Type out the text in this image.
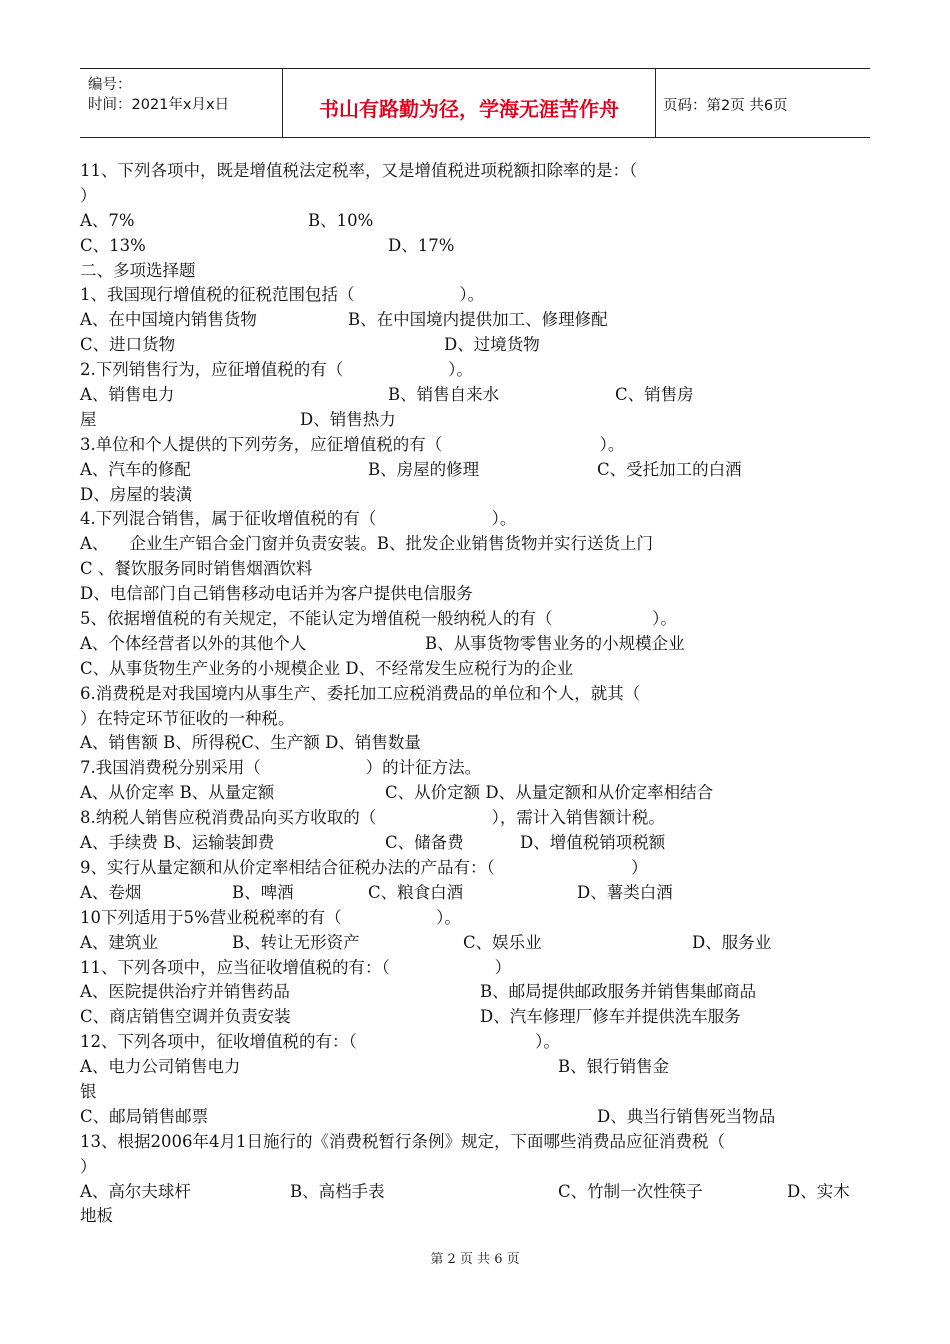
编号：
时间：2021年x月x日	书山有路勤为径，学海无涯苦作舟	页码：第2页 共6页
11、下列各项中，既是增值税法定税率，又是增值税进项税额扣除率的是：（
）
A、7%	B、10%
C、13%	D、17%
二、多项选择题
1、我国现行增值税的征税范围包括（                    ）。
A、在中国境内销售货物	B、在中国境内提供加工、修理修配
C、进口货物	D、过境货物
2.下列销售行为，应征增值税的有（                    ）。
A、销售电力	B、销售自来水	C、销售房
屋	D、销售热力
3.单位和个人提供的下列劳务，应征增值税的有（                              ）。
A、汽车的修配	B、房屋的修理	C、受托加工的白酒
D、房屋的装潢
4.下列混合销售，属于征收增值税的有（                      ）。
A、    企业生产铝合金门窗并负责安装。B、批发企业销售货物并实行送货上门
C 、餐饮服务同时销售烟酒饮料
D、电信部门自己销售移动电话并为客户提供电信服务
5、依据增值税的有关规定，不能认定为增值税一般纳税人的有（                   ）。
A、个体经营者以外的其他个人	B、从事货物零售业务的小规模企业
C、从事货物生产业务的小规模企业 D、不经常发生应税行为的企业
6.消费税是对我国境内从事生产、委托加工应税消费品的单位和个人，就其（
）在特定环节征收的一种税。
A、销售额 B、所得税C、生产额 D、销售数量
7.我国消费税分别采用（                    ）的计征方法。
A、从价定率 B、从量定额	C、从价定额 D、从量定额和从价定率相结合
8.纳税人销售应税消费品向买方收取的（                      ），需计入销售额计税。
A、手续费 B、运输装卸费	C、储备费	D、增值税销项税额
9、实行从量定额和从价定率相结合征税办法的产品有：（                          ）
A、卷烟	B、啤酒	C、粮食白酒	D、薯类白酒
10下列适用于5%营业税税率的有（                  ）。
A、建筑业	B、转让无形资产	C、娱乐业	D、服务业
11、下列各项中，应当征收增值税的有：（                    ）
A、医院提供治疗并销售药品	B、邮局提供邮政服务并销售集邮商品
C、商店销售空调并负责安装	D、汽车修理厂修车并提供洗车服务
12、下列各项中，征收增值税的有：（                                  ）。
A、电力公司销售电力	B、银行销售金
银
C、邮局销售邮票	D、典当行销售死当物品
13、根据2006年4月1日施行的《消费税暂行条例》规定，下面哪些消费品应征消费税（
）
A、高尔夫球杆	B、高档手表	C、竹制一次性筷子	D、实木
地板
第 2 页 共 6 页
